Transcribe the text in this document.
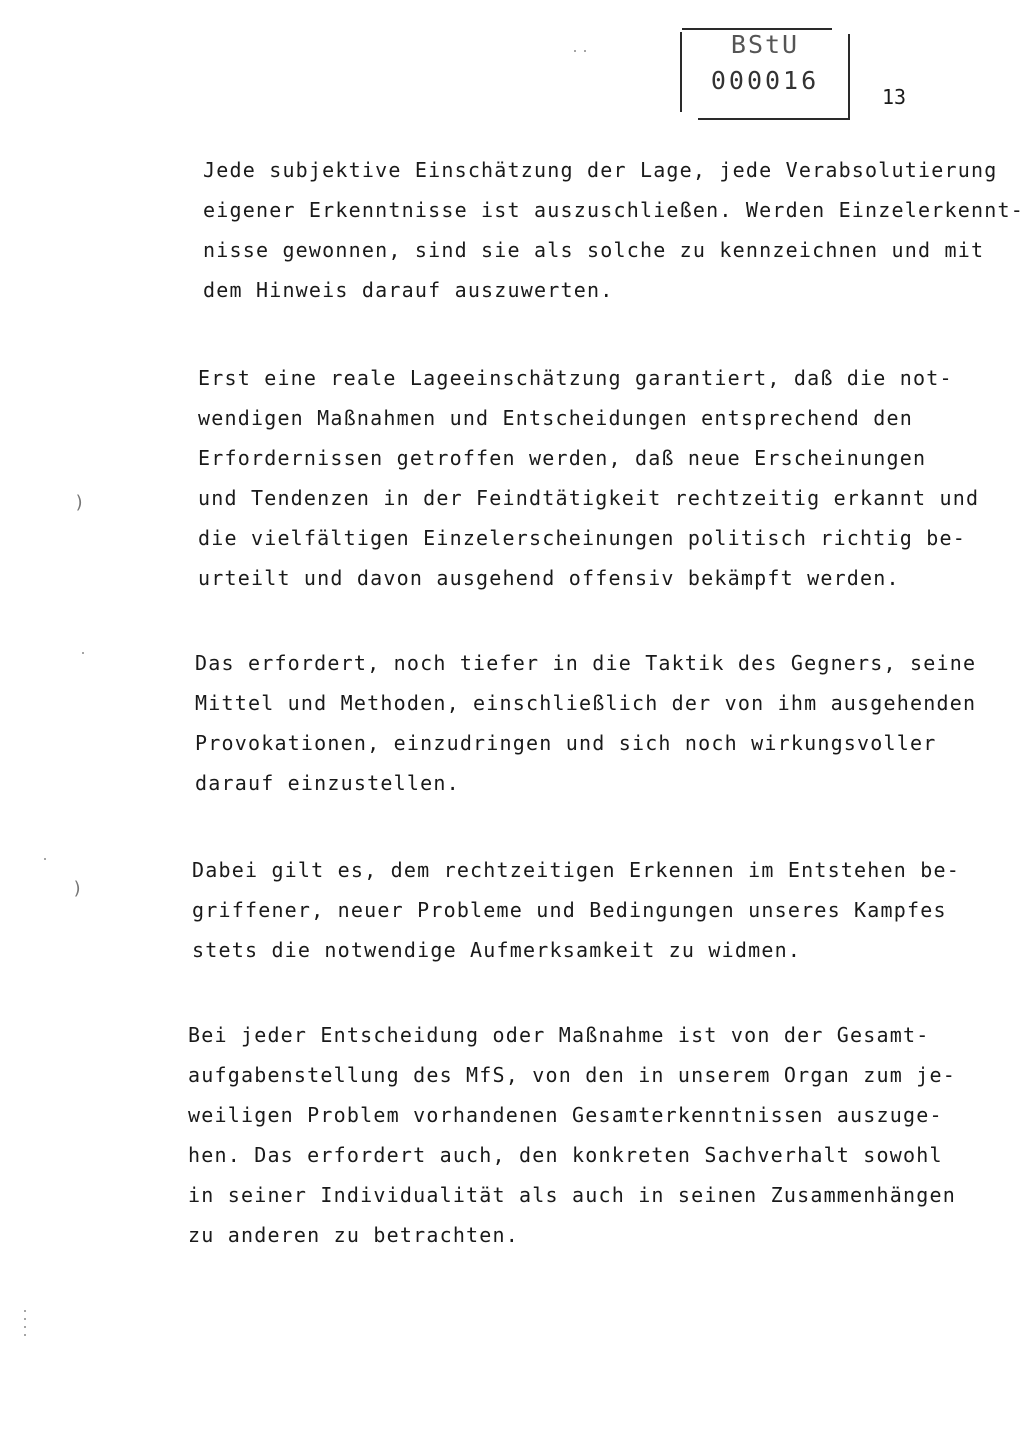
BStU
000016
13
Jede subjektive Einschätzung der Lage, jede Verabsolutierung
eigener Erkenntnisse ist auszuschließen. Werden Einzelerkennt-
nisse gewonnen, sind sie als solche zu kennzeichnen und mit
dem Hinweis darauf auszuwerten.
Erst eine reale Lageeinschätzung garantiert, daß die not-
wendigen Maßnahmen und Entscheidungen entsprechend den
Erfordernissen getroffen werden, daß neue Erscheinungen
und Tendenzen in der Feindtätigkeit rechtzeitig erkannt und
die vielfältigen Einzelerscheinungen politisch richtig be-
urteilt und davon ausgehend offensiv bekämpft werden.
Das erfordert, noch tiefer in die Taktik des Gegners, seine
Mittel und Methoden, einschließlich der von ihm ausgehenden
Provokationen, einzudringen und sich noch wirkungsvoller
darauf einzustellen.
Dabei gilt es, dem rechtzeitigen Erkennen im Entstehen be-
griffener, neuer Probleme und Bedingungen unseres Kampfes
stets die notwendige Aufmerksamkeit zu widmen.
Bei jeder Entscheidung oder Maßnahme ist von der Gesamt-
aufgabenstellung des MfS, von den in unserem Organ zum je-
weiligen Problem vorhandenen Gesamterkenntnissen auszuge-
hen. Das erfordert auch, den konkreten Sachverhalt sowohl
in seiner Individualität als auch in seinen Zusammenhängen
zu anderen zu betrachten.
)
)
